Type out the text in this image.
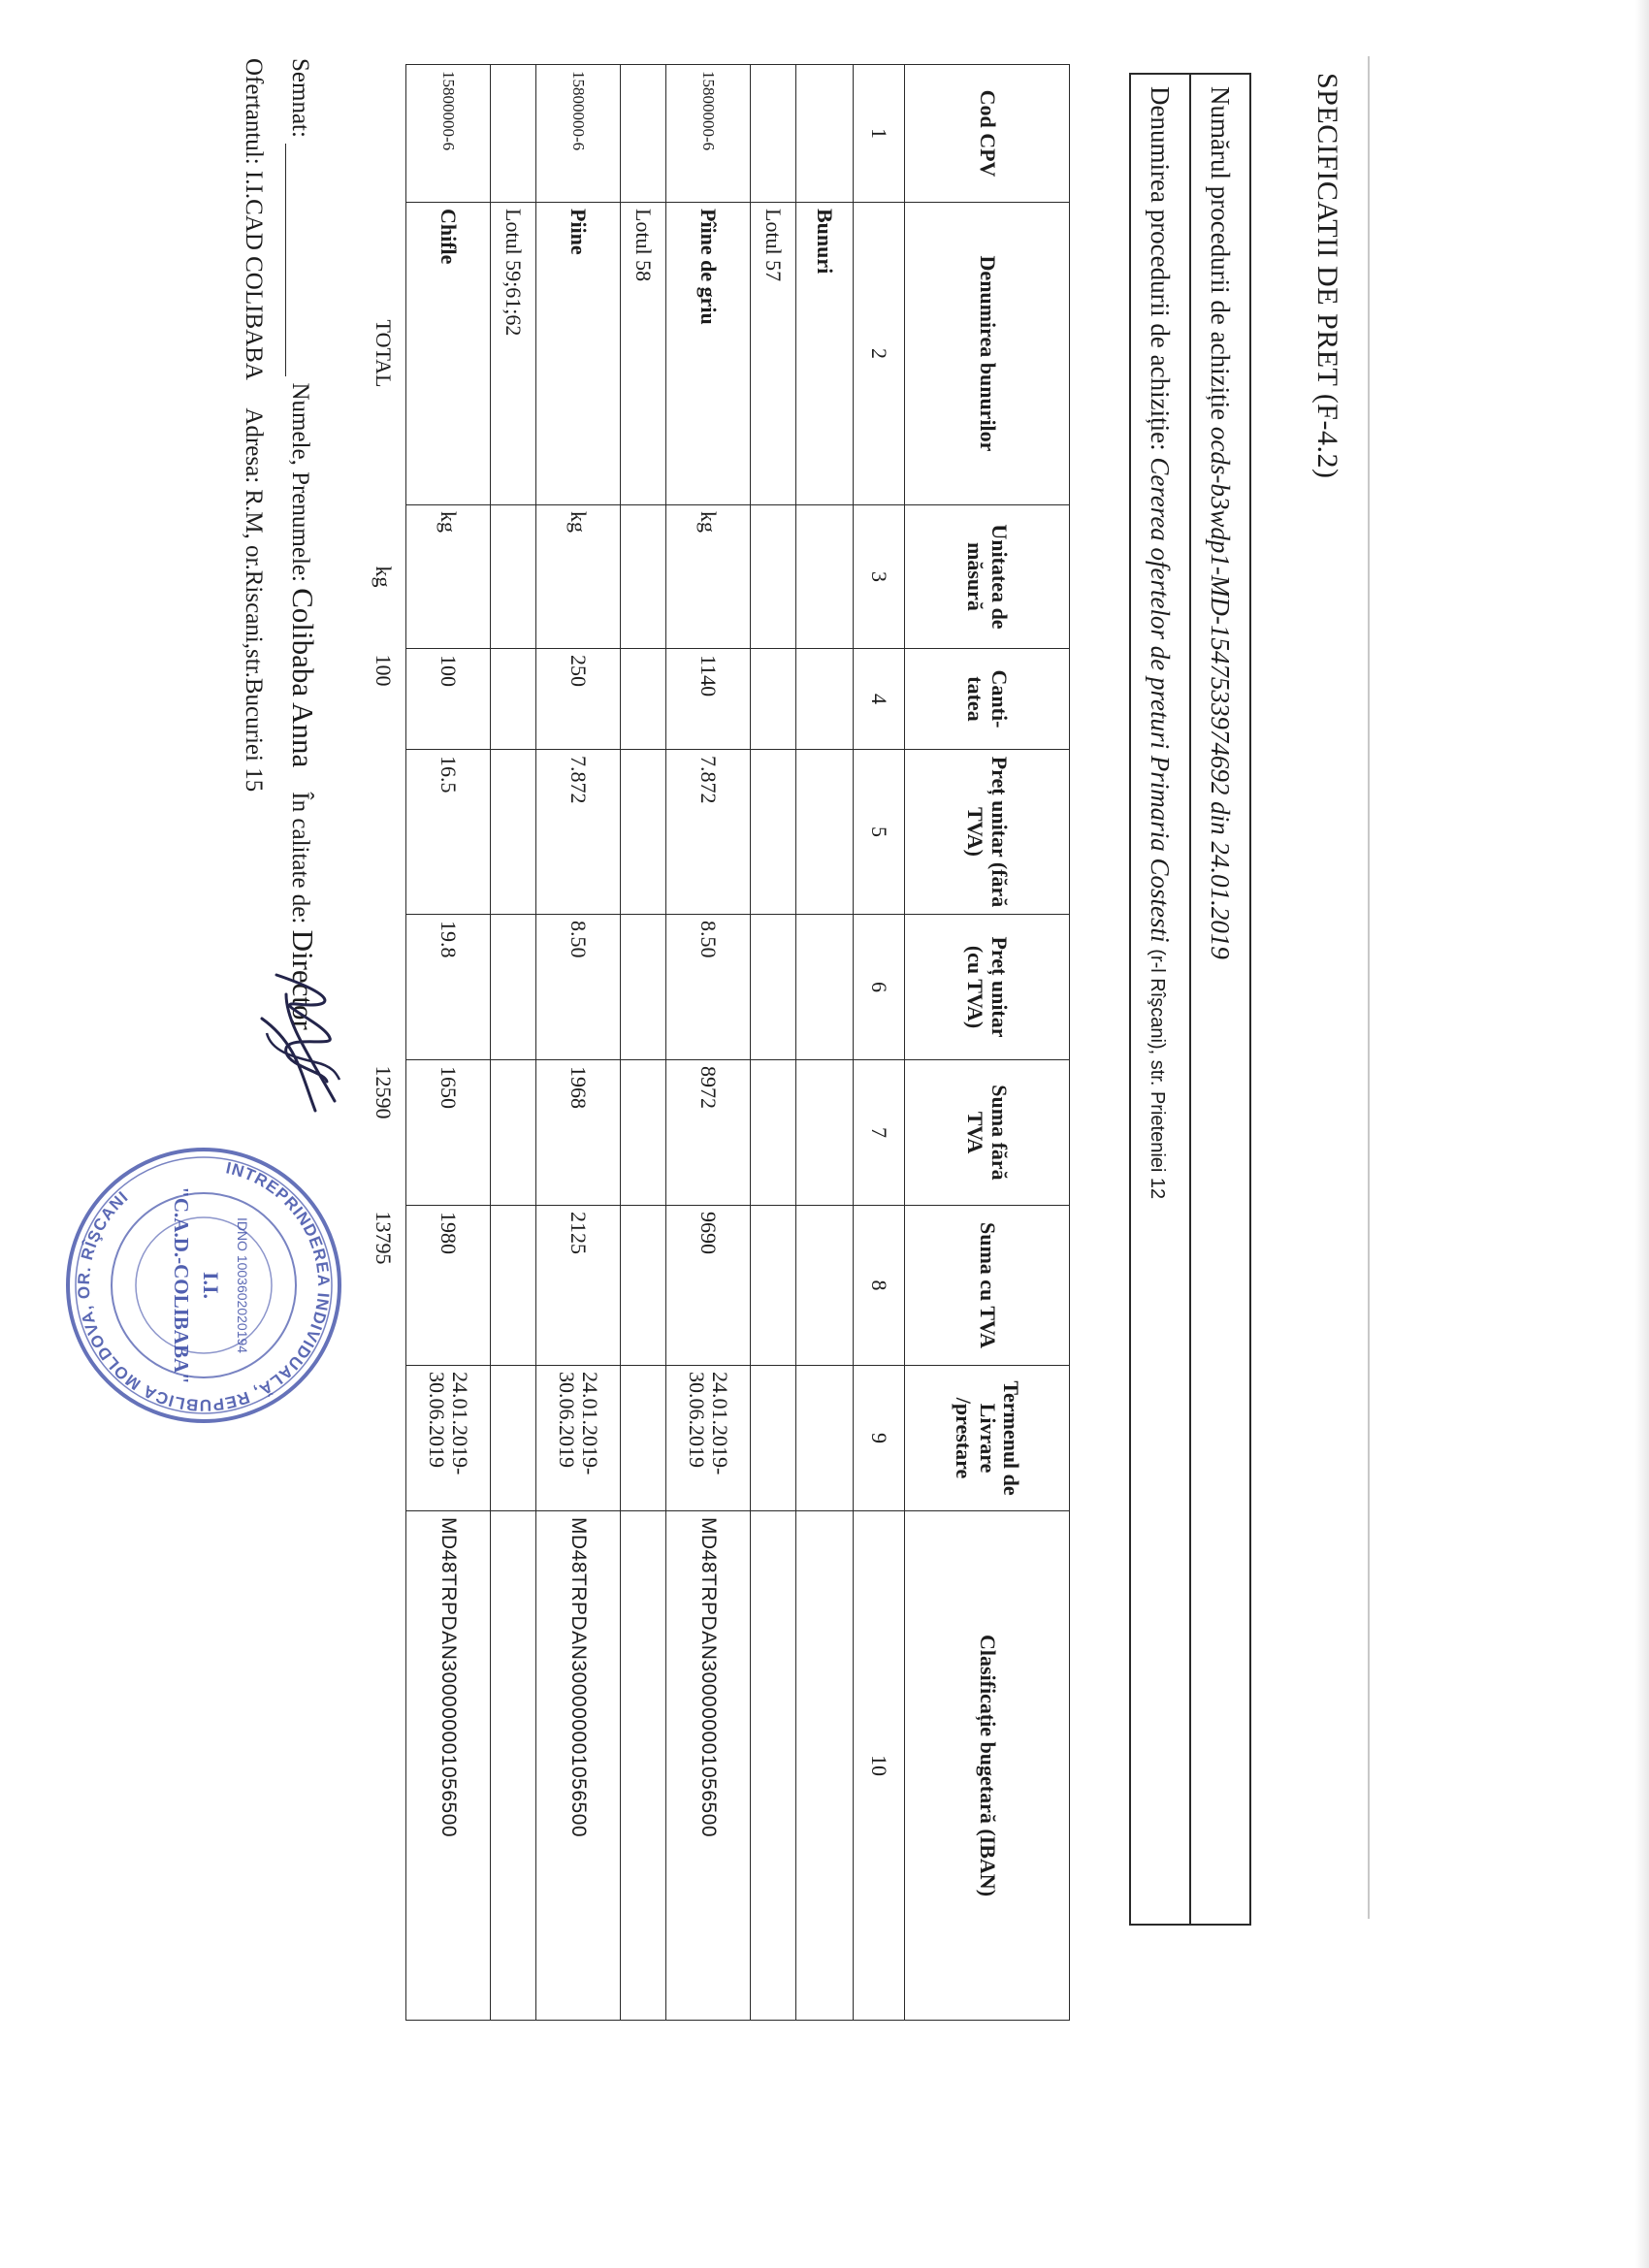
SPECIFICATII DE PRET (F-4.2)
Numărul procedurii de achiziție ocds-b3wdp1-MD-1547533974692 din 24.01.2019
Denumirea procedurii de achiziție: Cererea ofertelor de preturi Primaria Costesti (r-l Rîşcani), str. Prieteniei 12
Cod CPV	Denumirea bunurilor	Unitatea de măsură	Canti-tatea	Preț unitar (fără TVA)	Preț unitar (cu TVA)	Suma fără TVA	Suma cu TVA	Termenul de Livrare /prestare	Clasificație bugetară (IBAN)
1	2	3	4	5	6	7	8	9	10
	Bunuri								
	Lotul 57								
15800000-6	Pîine de griu	kg	1140	7.872	8.50	8972	9690	24.01.2019-30.06.2019	MD48TRPDAN300000001056500
	Lotul 58								
15800000-6	Piine	kg	250	7.872	8.50	1968	2125	24.01.2019-30.06.2019	MD48TRPDAN300000001056500
	Lotul 59;61;62								
15800000-6	Chifle	kg	100	16.5	19.8	1650	1980	24.01.2019-30.06.2019	MD48TRPDAN300000001056500
	TOTAL	kg	100			12590	13795		
Semnat:  Numele, Prenumele: Colibaba Anna    În calitate de: Director
Ofertantul: I.I.CAD COLIBABA     Adresa: R.M, or.Riscani,str.Bucuriei 15
INTREPRINDEREA INDIVIDUALĂ, REPUBLICA MOLDOVA, OR. RÎŞCANI
IDNO 1003602020194
I.I.
"C.A.D.-COLIBABA"
